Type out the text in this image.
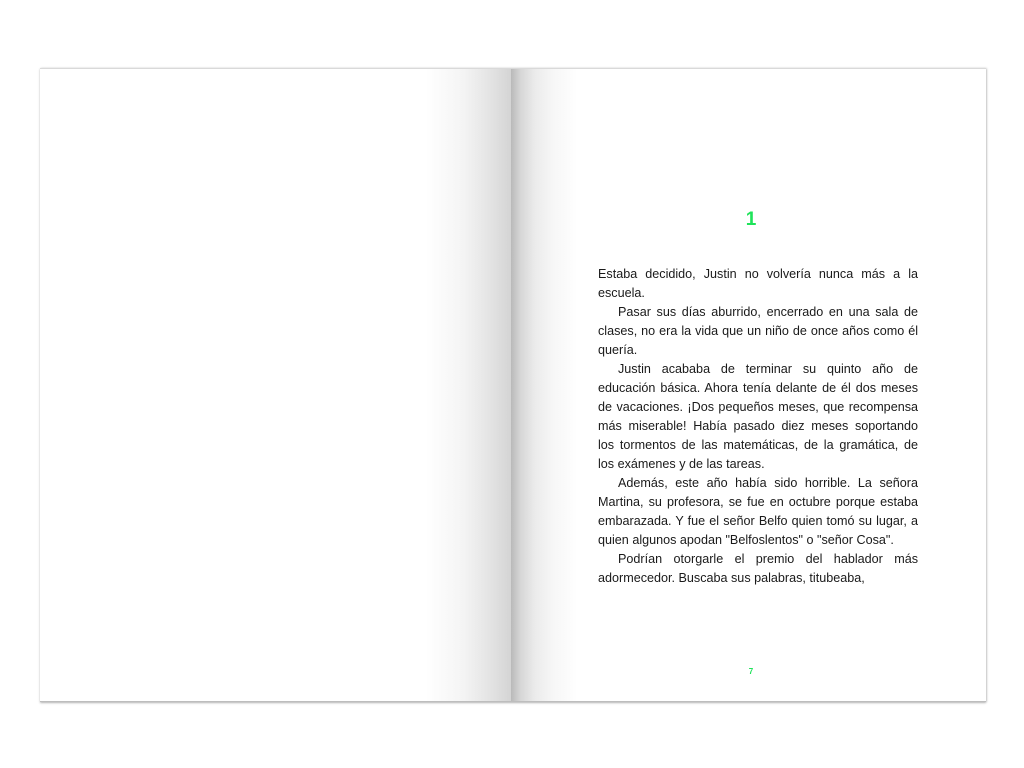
1

Estaba decidido, Justin no volvería nunca más a la escuela.

Pasar sus días aburrido, encerrado en una sala de clases, no era la vida que un niño de once años como él quería.

Justin acababa de terminar su quinto año de educación básica. Ahora tenía delante de él dos meses de vacaciones. ¡Dos pequeños meses, que recompensa más miserable! Había pasado diez meses soportando los tormentos de las matemáticas, de la gramática, de los exámenes y de las tareas.

Además, este año había sido horrible. La señora Martina, su profesora, se fue en octubre porque estaba embarazada. Y fue el señor Belfo quien tomó su lugar, a quien algunos apodan "Belfoslentos" o "señor Cosa".

Podrían otorgarle el premio del hablador más adormecedor. Buscaba sus palabras, titubeaba,

7
